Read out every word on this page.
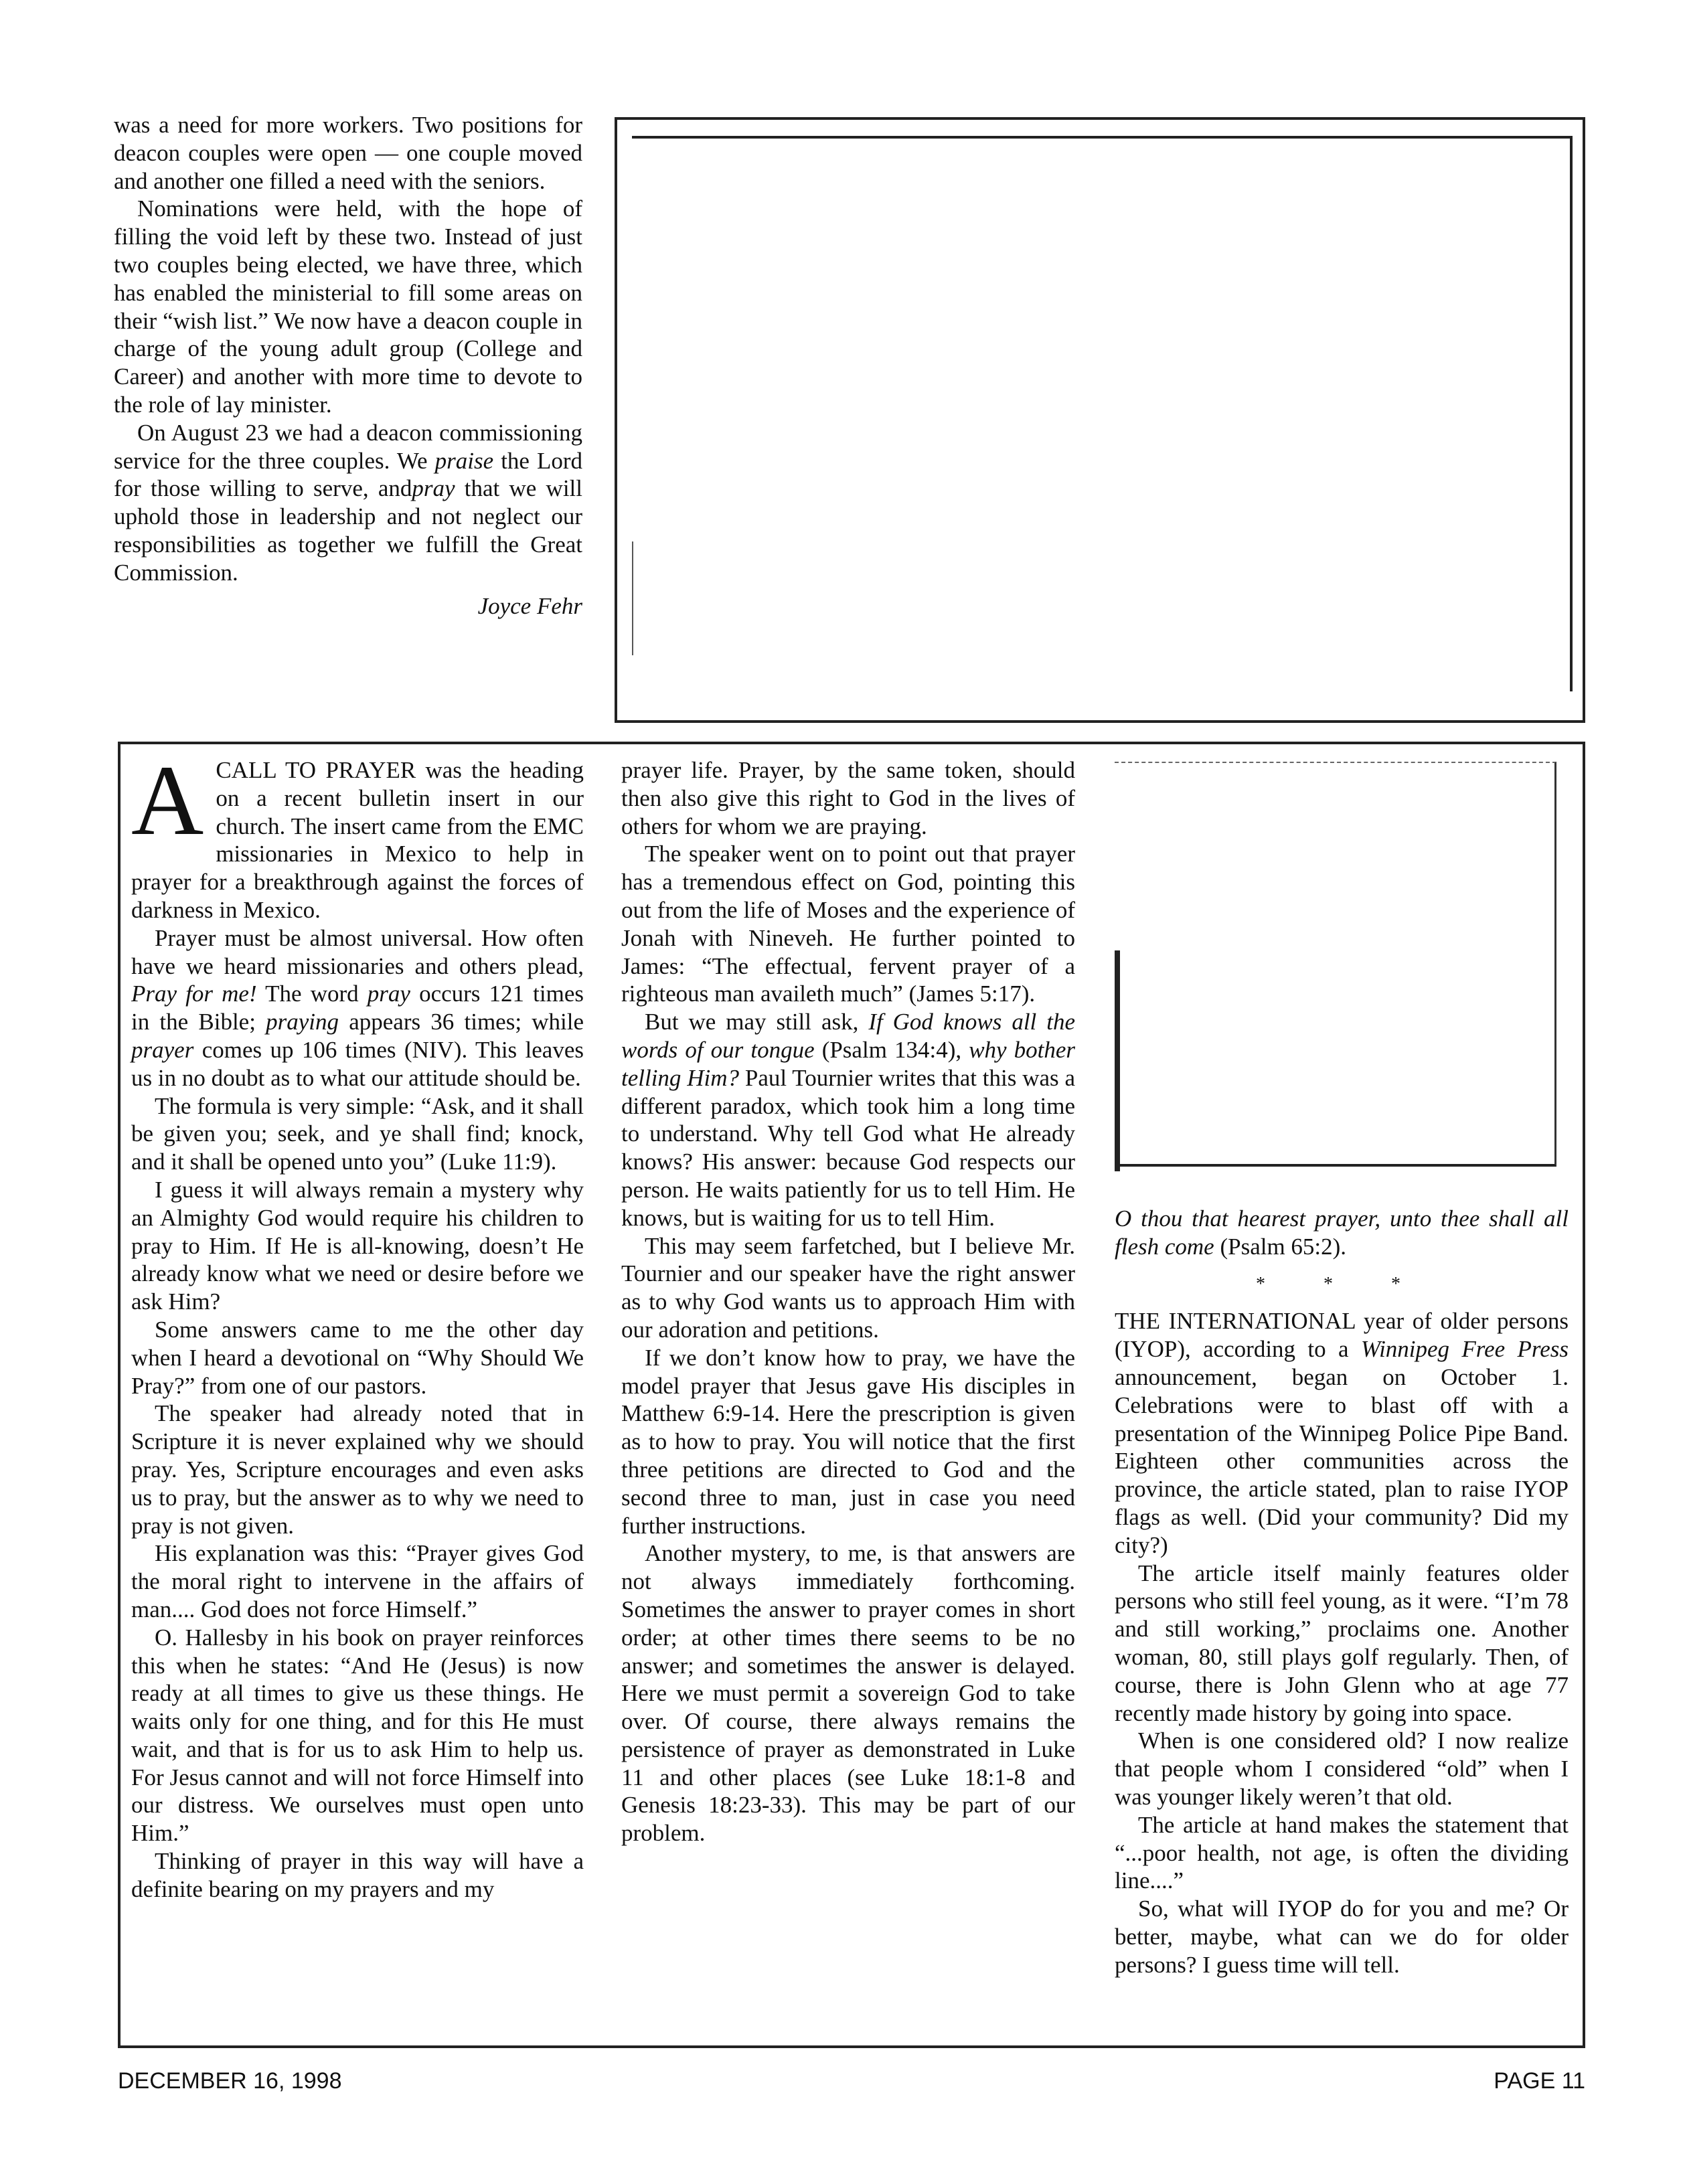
was a need for more workers. Two positions for deacon couples were open — one couple moved and another one filled a need with the seniors.

Nominations were held, with the hope of filling the void left by these two. Instead of just two couples being elected, we have three, which has enabled the ministerial to fill some areas on their “wish list.” We now have a deacon couple in charge of the young adult group (College and Career) and another with more time to devote to the role of lay minister.

On August 23 we had a deacon commissioning service for the three couples. We praise the Lord for those willing to serve, andpray that we will uphold those in leadership and not neglect our responsibilities as together we fulfill the Great Commission.

Joyce Fehr

ACALL TO PRAYER was the heading on a recent bulletin insert in our church. The insert came from the EMC missionaries in Mexico to help in prayer for a breakthrough against the forces of darkness in Mexico.

Prayer must be almost universal. How often have we heard missionaries and others plead, Pray for me! The word pray occurs 121 times in the Bible; praying appears 36 times; while prayer comes up 106 times (NIV). This leaves us in no doubt as to what our attitude should be.

The formula is very simple: “Ask, and it shall be given you; seek, and ye shall find; knock, and it shall be opened unto you” (Luke 11:9).

I guess it will always remain a mystery why an Almighty God would require his children to pray to Him. If He is all-knowing, doesn’t He already know what we need or desire before we ask Him?

Some answers came to me the other day when I heard a devotional on “Why Should We Pray?” from one of our pastors.

The speaker had already noted that in Scripture it is never explained why we should pray. Yes, Scripture encourages and even asks us to pray, but the answer as to why we need to pray is not given.

His explanation was this: “Prayer gives God the moral right to intervene in the affairs of man.... God does not force Himself.”

O. Hallesby in his book on prayer reinforces this when he states: “And He (Jesus) is now ready at all times to give us these things. He waits only for one thing, and for this He must wait, and that is for us to ask Him to help us. For Jesus cannot and will not force Himself into our distress. We ourselves must open unto Him.”

Thinking of prayer in this way will have a definite bearing on my prayers and my

prayer life. Prayer, by the same token, should then also give this right to God in the lives of others for whom we are praying.

The speaker went on to point out that prayer has a tremendous effect on God, pointing this out from the life of Moses and the experience of Jonah with Nineveh. He further pointed to James: “The effectual, fervent prayer of a righteous man availeth much” (James 5:17).

But we may still ask, If God knows all the words of our tongue (Psalm 134:4), why bother telling Him? Paul Tournier writes that this was a different paradox, which took him a long time to understand. Why tell God what He already knows? His answer: because God respects our person. He waits patiently for us to tell Him. He knows, but is waiting for us to tell Him.

This may seem farfetched, but I believe Mr. Tournier and our speaker have the right answer as to why God wants us to approach Him with our adoration and petitions.

If we don’t know how to pray, we have the model prayer that Jesus gave His disciples in Matthew 6:9-14. Here the prescription is given as to how to pray. You will notice that the first three petitions are directed to God and the second three to man, just in case you need further instructions.

Another mystery, to me, is that answers are not always immediately forthcoming. Sometimes the answer to prayer comes in short order; at other times there seems to be no answer; and sometimes the answer is delayed. Here we must permit a sovereign God to take over. Of course, there always remains the persistence of prayer as demonstrated in Luke 11 and other places (see Luke 18:1-8 and Genesis 18:23-33). This may be part of our problem.

O thou that hearest prayer, unto thee shall all flesh come (Psalm 65:2).

* * *

THE INTERNATIONAL year of older persons (IYOP), according to a Winnipeg Free Press announcement, began on October 1. Celebrations were to blast off with a presentation of the Winnipeg Police Pipe Band. Eighteen other communities across the province, the article stated, plan to raise IYOP flags as well. (Did your community? Did my city?)

The article itself mainly features older persons who still feel young, as it were. “I’m 78 and still working,” proclaims one. Another woman, 80, still plays golf regularly. Then, of course, there is John Glenn who at age 77 recently made history by going into space.

When is one considered old? I now realize that people whom I considered “old” when I was younger likely weren’t that old.

The article at hand makes the statement that “...poor health, not age, is often the dividing line....”

So, what will IYOP do for you and me? Or better, maybe, what can we do for older persons? I guess time will tell.

DECEMBER 16, 1998	PAGE 11
